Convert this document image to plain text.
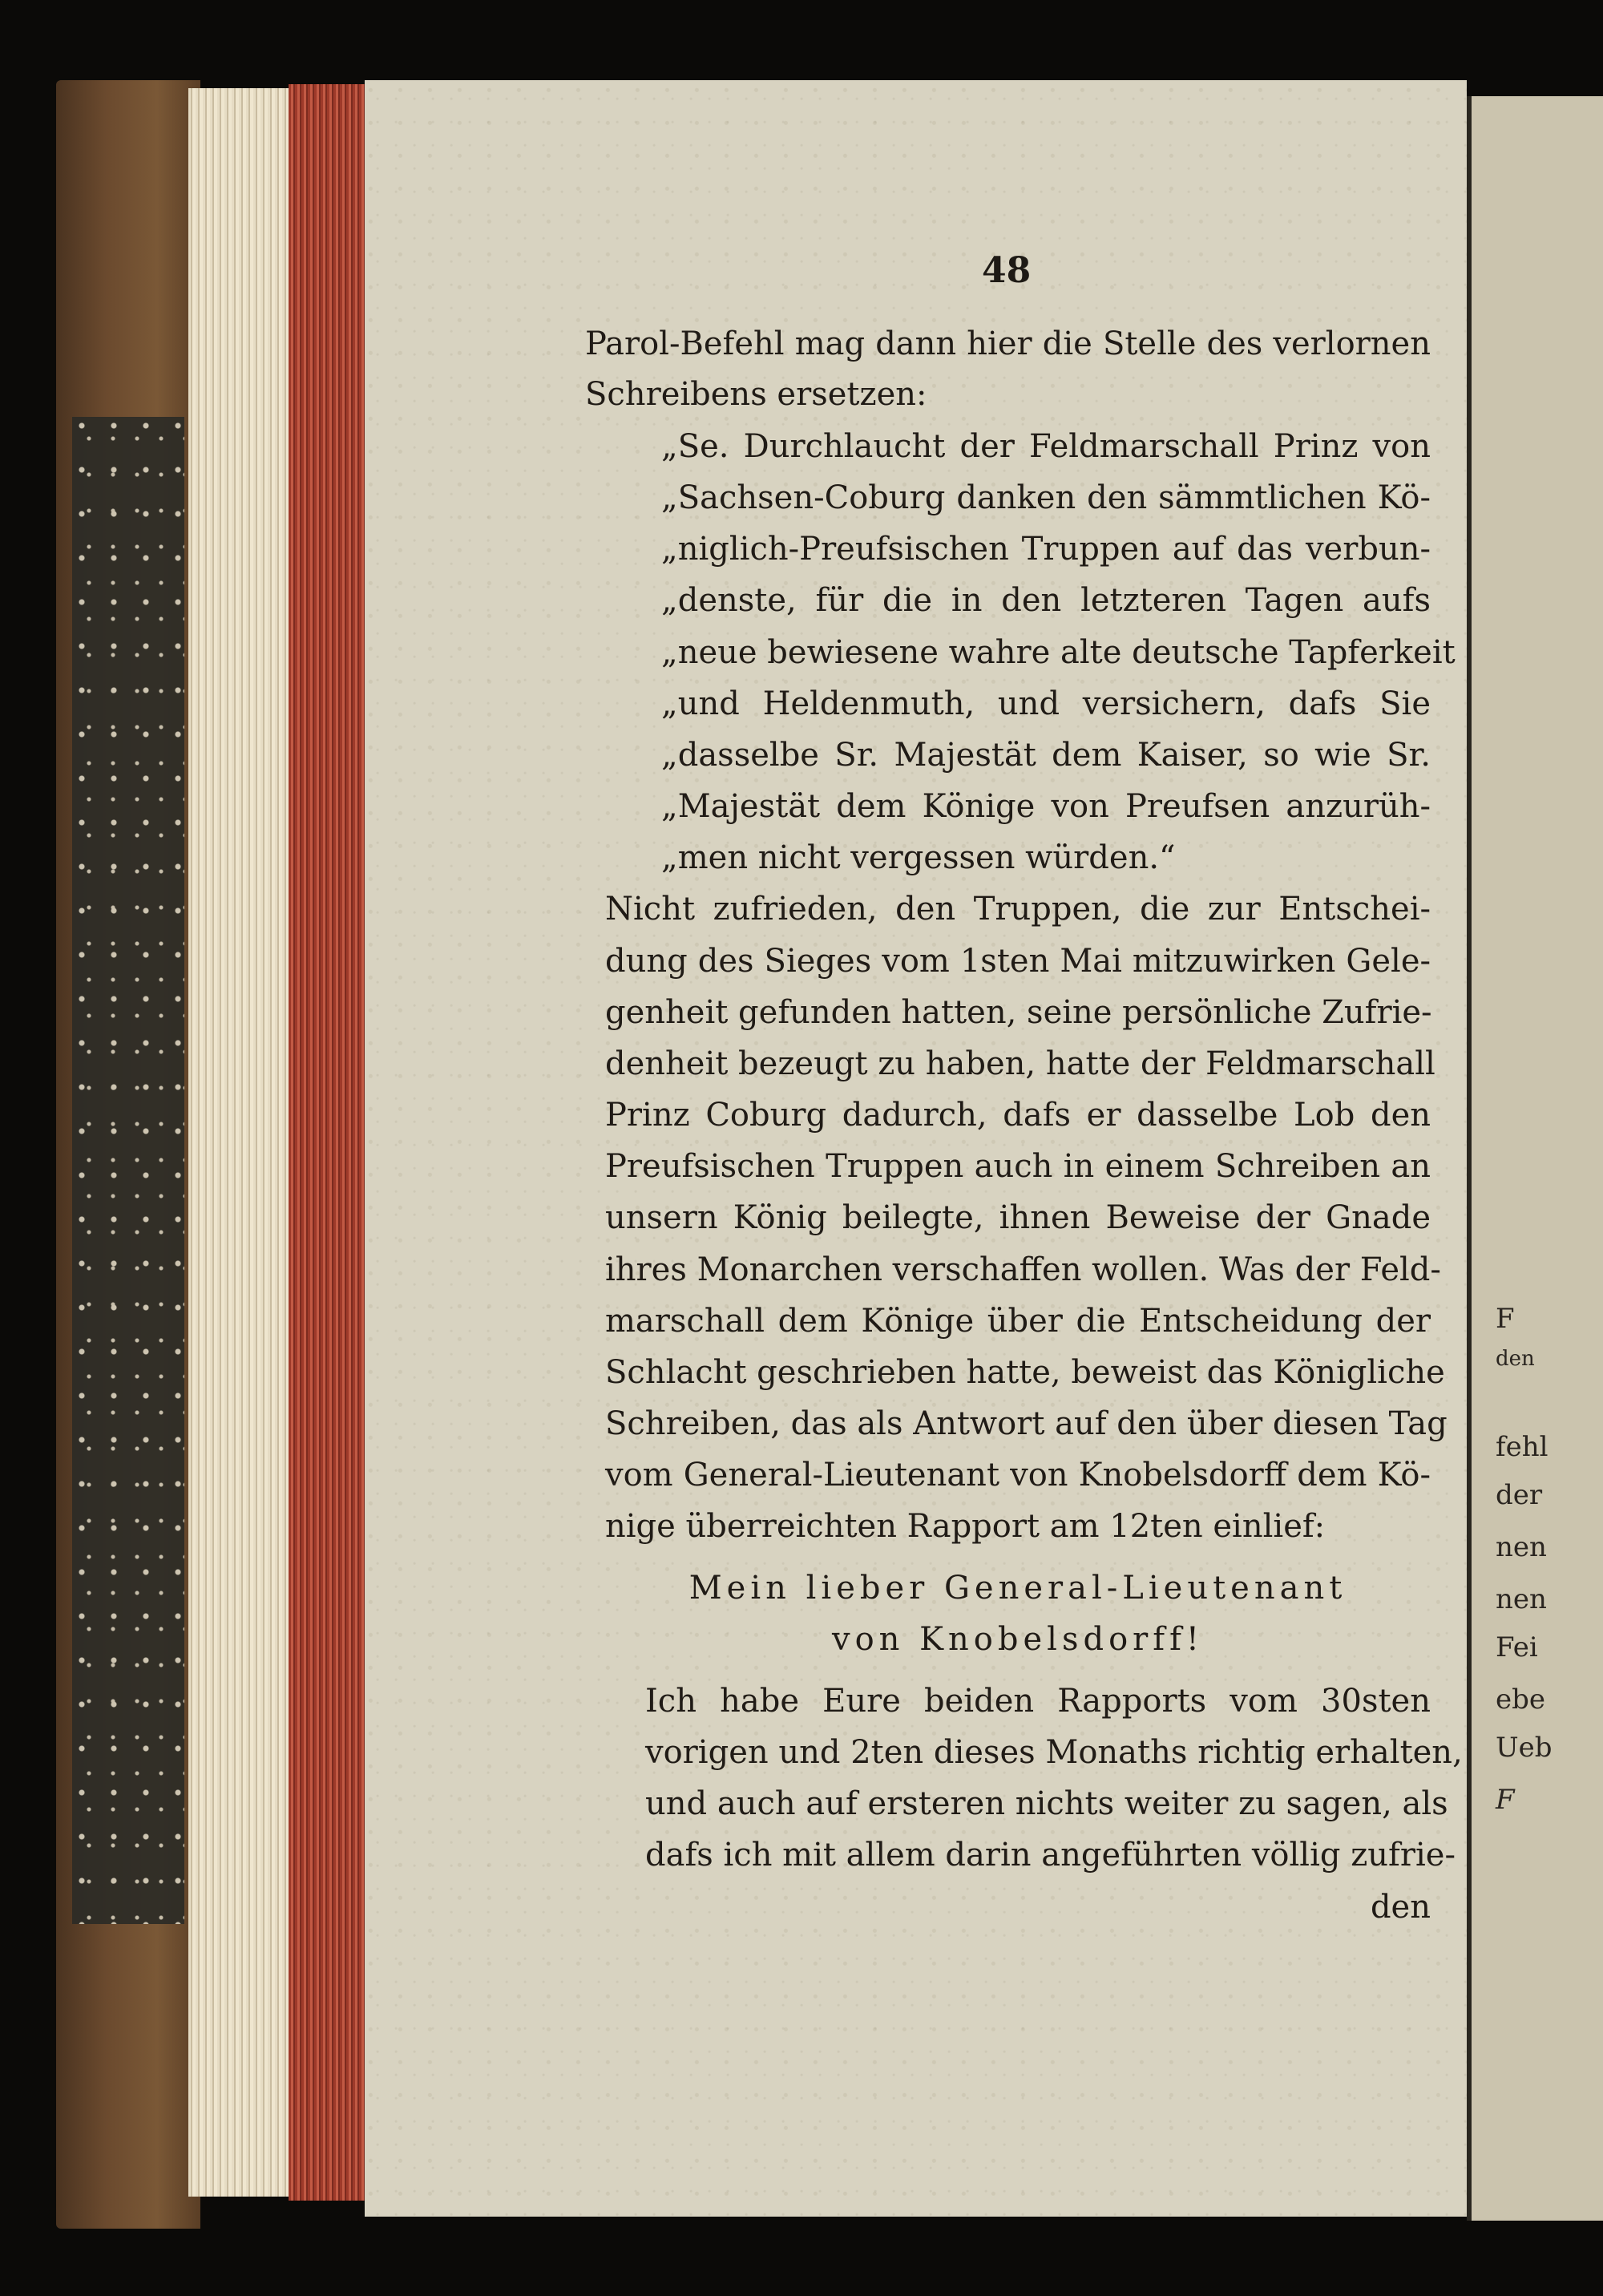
F
den
fehl
der
nen
nen
Fei
ebe
Ueb
F
48
Parol-Befehl mag dann hier die Stelle des verlornen
Schreibens ersetzen:
„Se. Durchlaucht der Feldmarschall Prinz von
„Sachsen-Coburg danken den sämmtlichen Kö-
„niglich-Preufsischen Truppen auf das verbun-
„denste, für die in den letzteren Tagen aufs
„neue bewiesene wahre alte deutsche Tapferkeit
„und Heldenmuth, und versichern, dafs Sie
„dasselbe Sr. Majestät dem Kaiser, so wie Sr.
„Majestät dem Könige von Preufsen anzurüh-
„men nicht vergessen würden.“
Nicht zufrieden, den Truppen, die zur Entschei-
dung des Sieges vom 1sten Mai mitzuwirken Gele-
genheit gefunden hatten, seine persönliche Zufrie-
denheit bezeugt zu haben, hatte der Feldmarschall
Prinz Coburg dadurch, dafs er dasselbe Lob den
Preufsischen Truppen auch in einem Schreiben an
unsern König beilegte, ihnen Beweise der Gnade
ihres Monarchen verschaffen wollen. Was der Feld-
marschall dem Könige über die Entscheidung der
Schlacht geschrieben hatte, beweist das Königliche
Schreiben, das als Antwort auf den über diesen Tag
vom General-Lieutenant von Knobelsdorff dem Kö-
nige überreichten Rapport am 12ten einlief:
Mein lieber General-Lieutenant
von Knobelsdorff!
Ich habe Eure beiden Rapports vom 30sten
vorigen und 2ten dieses Monaths richtig erhalten,
und auch auf ersteren nichts weiter zu sagen, als
dafs ich mit allem darin angeführten völlig zufrie-
den
